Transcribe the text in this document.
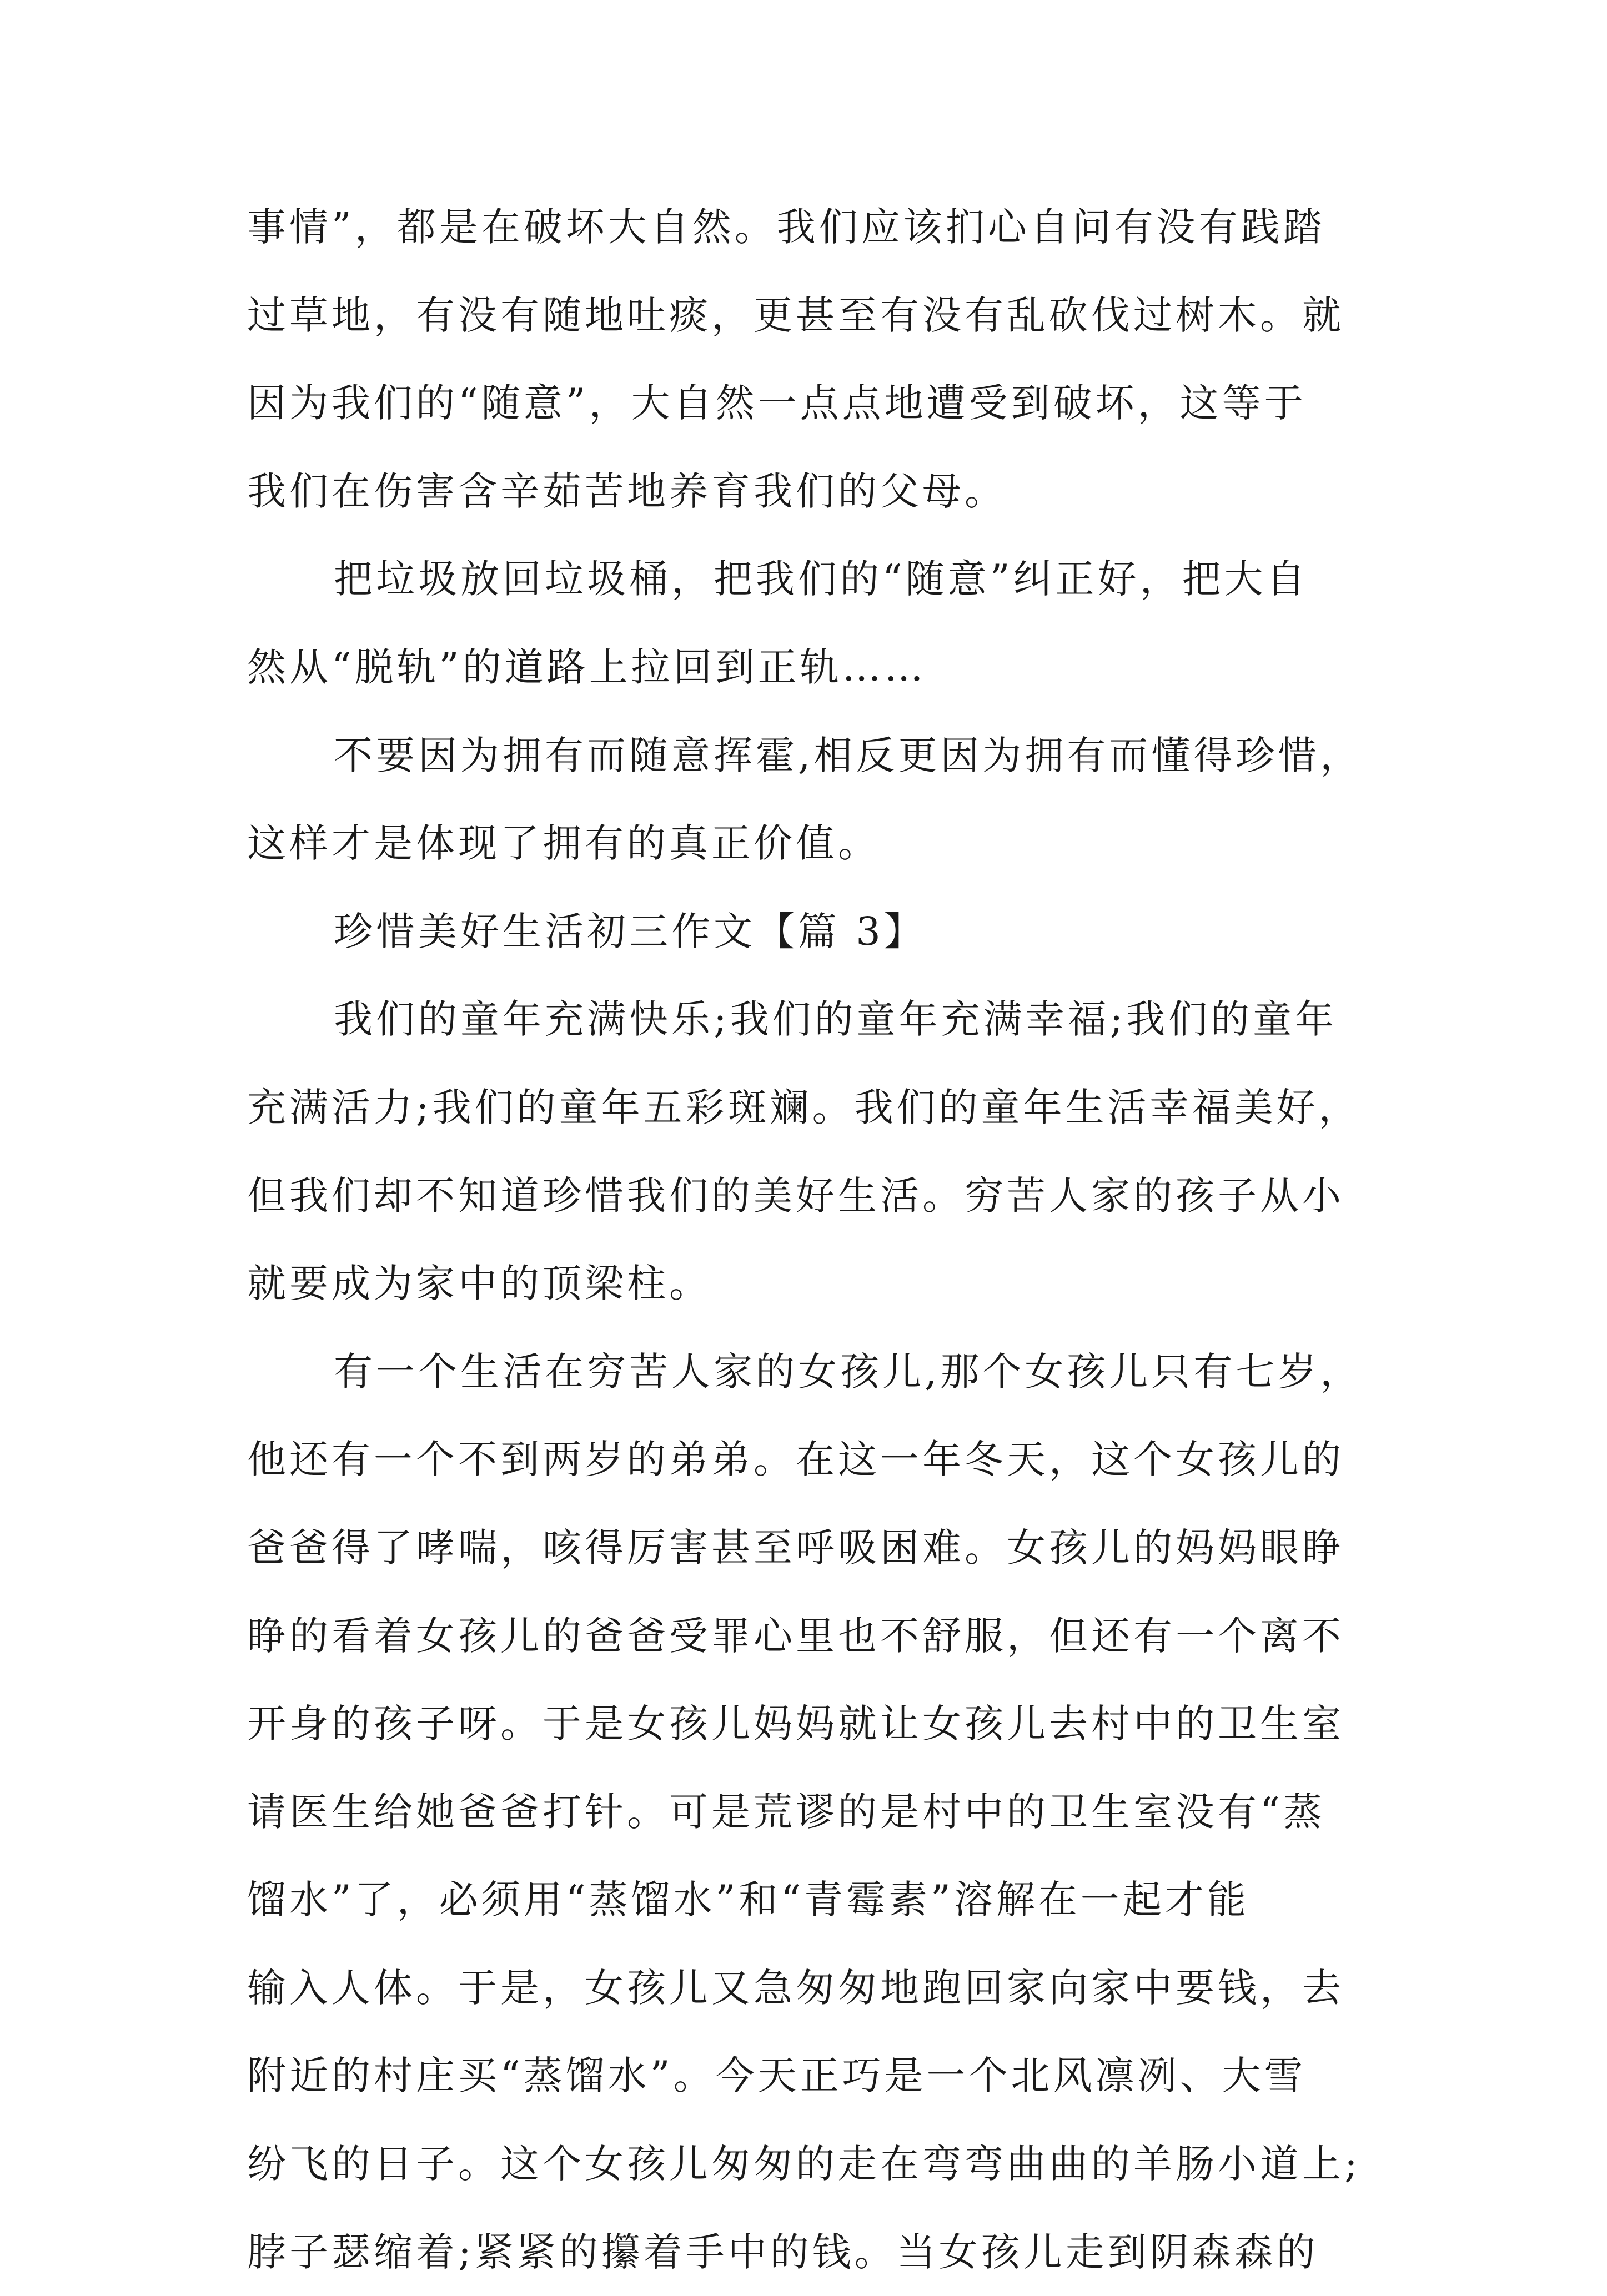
事情”，都是在破坏大自然。我们应该扪心自问有没有践踏
过草地，有没有随地吐痰，更甚至有没有乱砍伐过树木。就
因为我们的“随意”，大自然一点点地遭受到破坏，这等于
我们在伤害含辛茹苦地养育我们的父母。
把垃圾放回垃圾桶，把我们的“随意”纠正好，把大自
然从“脱轨”的道路上拉回到正轨……
不要因为拥有而随意挥霍,相反更因为拥有而懂得珍惜，
这样才是体现了拥有的真正价值。
珍惜美好生活初三作文【篇 3】
我们的童年充满快乐;我们的童年充满幸福;我们的童年
充满活力;我们的童年五彩斑斓。我们的童年生活幸福美好，
但我们却不知道珍惜我们的美好生活。穷苦人家的孩子从小
就要成为家中的顶梁柱。
有一个生活在穷苦人家的女孩儿,那个女孩儿只有七岁，
他还有一个不到两岁的弟弟。在这一年冬天，这个女孩儿的
爸爸得了哮喘，咳得厉害甚至呼吸困难。女孩儿的妈妈眼睁
睁的看着女孩儿的爸爸受罪心里也不舒服，但还有一个离不
开身的孩子呀。于是女孩儿妈妈就让女孩儿去村中的卫生室
请医生给她爸爸打针。可是荒谬的是村中的卫生室没有“蒸
馏水”了，必须用“蒸馏水”和“青霉素”溶解在一起才能
输入人体。于是，女孩儿又急匆匆地跑回家向家中要钱，去
附近的村庄买“蒸馏水”。今天正巧是一个北风凛冽、大雪
纷飞的日子。这个女孩儿匆匆的走在弯弯曲曲的羊肠小道上;
脖子瑟缩着;紧紧的攥着手中的钱。当女孩儿走到阴森森的
